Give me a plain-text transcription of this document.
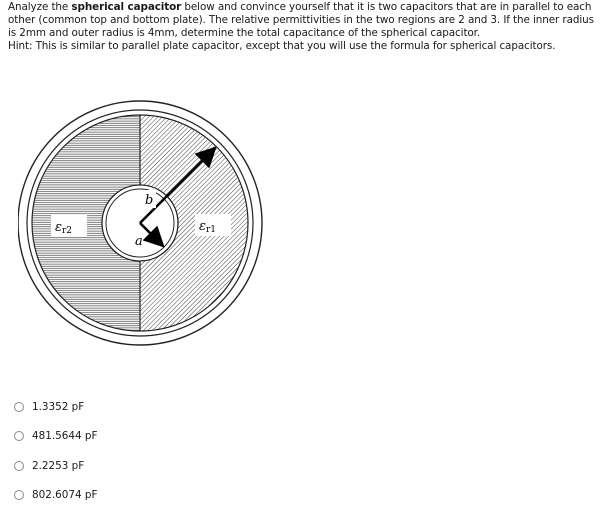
Analyze the spherical capacitor below and convince yourself that it is two capacitors that are in parallel to each other (common top and bottom plate). The relative permittivities in the two regions are 2 and 3. If the inner radius is 2mm and outer radius is 4mm, determine the total capacitance of the spherical capacitor.
Hint: This is similar to parallel plate capacitor, except that you will use the formula for spherical capacitors.
εr2	εr1
b
a
1.3352 pF
481.5644 pF
2.2253 pF
802.6074 pF
